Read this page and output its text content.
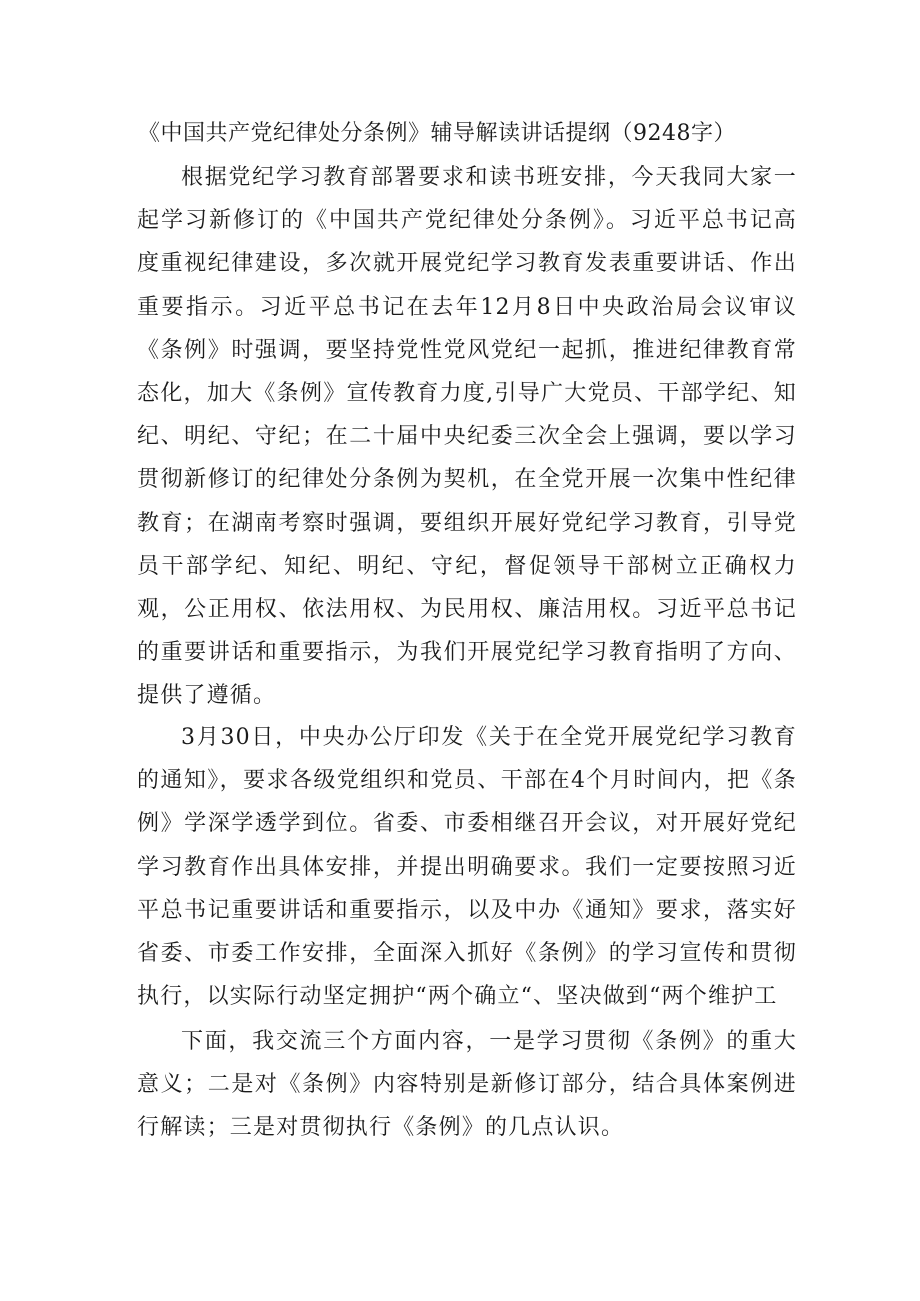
《中国共产党纪律处分条例》辅导解读讲话提纲（9248字）

根据党纪学习教育部署要求和读书班安排，今天我同大家一起学习新修订的《中国共产党纪律处分条例》。习近平总书记高度重视纪律建设，多次就开展党纪学习教育发表重要讲话、作出重要指示。习近平总书记在去年12月8日中央政治局会议审议《条例》时强调，要坚持党性党风党纪一起抓，推进纪律教育常态化，加大《条例》宣传教育力度,引导广大党员、干部学纪、知纪、明纪、守纪；在二十届中央纪委三次全会上强调，要以学习贯彻新修订的纪律处分条例为契机，在全党开展一次集中性纪律教育；在湖南考察时强调，要组织开展好党纪学习教育，引导党员干部学纪、知纪、明纪、守纪，督促领导干部树立正确权力观，公正用权、依法用权、为民用权、廉洁用权。习近平总书记的重要讲话和重要指示，为我们开展党纪学习教育指明了方向、提供了遵循。

3月30日，中央办公厅印发《关于在全党开展党纪学习教育的通知》，要求各级党组织和党员、干部在4个月时间内，把《条例》学深学透学到位。省委、市委相继召开会议，对开展好党纪学习教育作出具体安排，并提出明确要求。我们一定要按照习近平总书记重要讲话和重要指示，以及中办《通知》要求，落实好省委、市委工作安排，全面深入抓好《条例》的学习宣传和贯彻执行，以实际行动坚定拥护“两个确立“、坚决做到“两个维护工

下面，我交流三个方面内容，一是学习贯彻《条例》的重大意义；二是对《条例》内容特别是新修订部分，结合具体案例进行解读；三是对贯彻执行《条例》的几点认识。
